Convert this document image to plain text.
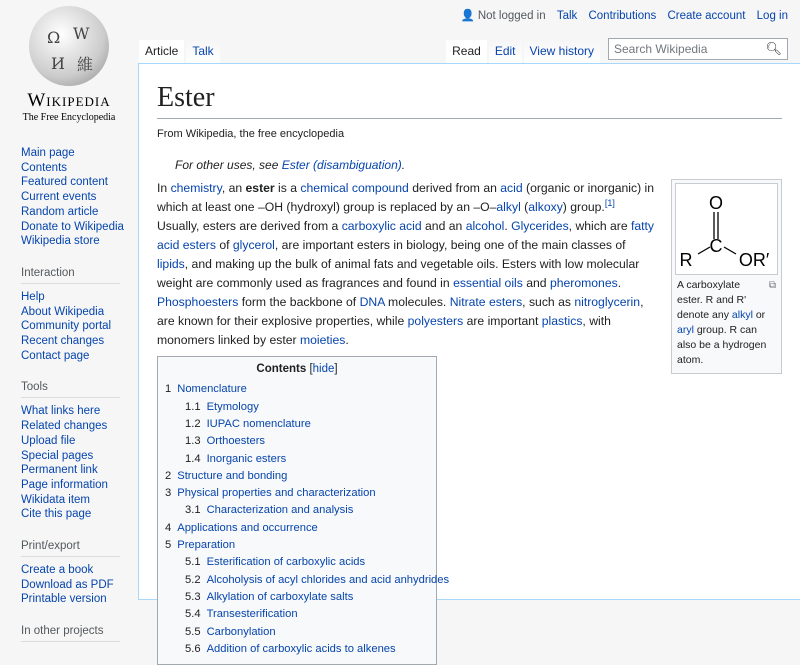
Ω W
И 維
Wikipedia
The Free Encyclopedia
👤 Not logged in Talk Contributions Create account Log in
Article	Talk	Read	Edit	View history	Search Wikipedia	🔍︎
Main page
Contents
Featured content
Current events
Random article
Donate to Wikipedia
Wikipedia store
Interaction
Help
About Wikipedia
Community portal
Recent changes
Contact page
Tools
What links here
Related changes
Upload file
Special pages
Permanent link
Page information
Wikidata item
Cite this page
Print/export
Create a book
Download as PDF
Printable version
In other projects
Ester
From Wikipedia, the free encyclopedia
For other uses, see Ester (disambiguation).
O
C
R	OR′
⧉
A carboxylate ester. R and R' denote any alkyl or aryl group. R can also be a hydrogen atom.
In chemistry, an ester is a chemical compound derived from an acid (organic or inorganic) in which at least one –OH (hydroxyl) group is replaced by an –O–alkyl (alkoxy) group.[1] Usually, esters are derived from a carboxylic acid and an alcohol. Glycerides, which are fatty acid esters of glycerol, are important esters in biology, being one of the main classes of lipids, and making up the bulk of animal fats and vegetable oils. Esters with low molecular weight are commonly used as fragrances and found in essential oils and pheromones. Phosphoesters form the backbone of DNA molecules. Nitrate esters, such as nitroglycerin, are known for their explosive properties, while polyesters are important plastics, with monomers linked by ester moieties.
Contents [hide]
1 Nomenclature
1.1 Etymology
1.2 IUPAC nomenclature
1.3 Orthoesters
1.4 Inorganic esters
2 Structure and bonding
3 Physical properties and characterization
3.1 Characterization and analysis
4 Applications and occurrence
5 Preparation
5.1 Esterification of carboxylic acids
5.2 Alcoholysis of acyl chlorides and acid anhydrides
5.3 Alkylation of carboxylate salts
5.4 Transesterification
5.5 Carbonylation
5.6 Addition of carboxylic acids to alkenes
